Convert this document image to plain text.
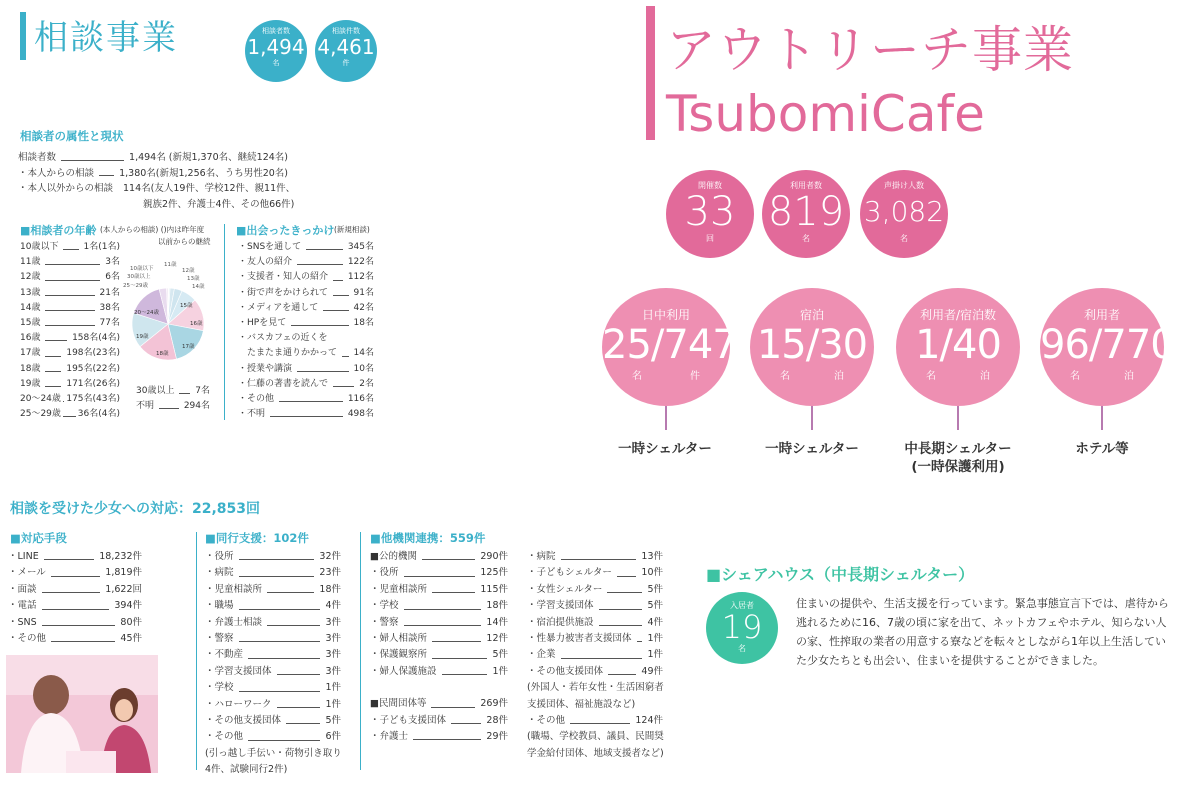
相談事業	相談者数
1,494
名
相談件数
4,461
件
相談者の属性と現状
相談者数	1,494名 (新規1,370名、継続124名)
・本人からの相談	1,380名(新規1,256名、うち男性20名)
・本人以外からの相談 114名(友人19件、学校12件、親11件、
親族2件、弁護士4件、その他66件)
■相談者の年齢 (本人からの相談) ()内は昨年度
以前からの継続
10歳以下	1名(1名)
11歳	3名
12歳	6名
13歳	21名
14歳	38名
15歳	77名
16歳	158名(4名)
17歳	198名(23名)
18歳	195名(22名)
19歳	171名(26名)
20〜24歳 175名(43名)
25〜29歳 36名(4名)
10歳以下
11歳
12歳
13歳
14歳
30歳以上
25〜29歳
20〜24歳
15歳
16歳
17歳
18歳
19歳
30歳以上 7名
不明	294名
■出会ったきっかけ (新規相談)
・SNSを通して	345名
・友人の紹介	122名
・支援者・知人の紹介 112名
・街で声をかけられて	91名
・メディアを通して	42名
・HPを見て	18名
・バスカフェの近くを
　たまたま通りかかって 14名
・授業や講演	10名
・仁藤の著書を読んで	2名
・その他	116名
・不明	498名
相談を受けた少女への対応：22,853回
■対応手段
・LINE	18,232件
・メール	1,819件
・面談	1,622回
・電話	394件
・SNS	80件
・その他	45件
■同行支援：102件
・役所	32件
・病院	23件
・児童相談所	18件
・職場	4件
・弁護士相談	3件
・警察	3件
・不動産	3件
・学習支援団体	3件
・学校	1件
・ハローワーク	1件
・その他支援団体	5件
・その他	6件
(引っ越し手伝い・荷物引き取り
4件、試験同行2件)
■他機関連携：559件
■公的機関	290件
・役所	125件
・児童相談所	115件
・学校	18件
・警察	14件
・婦人相談所	12件
・保護観察所	5件
・婦人保護施設	1件
■民間団体等	269件
・子ども支援団体	28件
・弁護士	29件
・病院	13件
・子どもシェルター	10件
・女性シェルター	5件
・学習支援団体	5件
・宿泊提供施設	4件
・性暴力被害者支援団体 1件
・企業	1件
・その他支援団体	49件
(外国人・若年女性・生活困窮者
支援団体、福祉施設など)
・その他	124件
(職場、学校教員、議員、民間奨
学金給付団体、地域支援者など)
アウトリーチ事業
TsubomiCafe
開催数
33
回
利用者数
819
名
声掛け人数
3,082
名
日中利用
25/747
名	件
宿泊
15/30
名	泊
利用者/宿泊数
1/40
名	泊
利用者
96/770
名	泊
一時シェルター	一時シェルター	中長期シェルター
(一時保護利用)
ホテル等
■シェアハウス（中長期シェルター）
入居者
19
名
住まいの提供や、生活支援を行っています。緊急事態宣言下では、虐待から逃れるために16、7歳の頃に家を出て、ネットカフェやホテル、知らない人の家、性搾取の業者の用意する寮などを転々としながら1年以上生活していた少女たちとも出会い、住まいを提供することができました。
